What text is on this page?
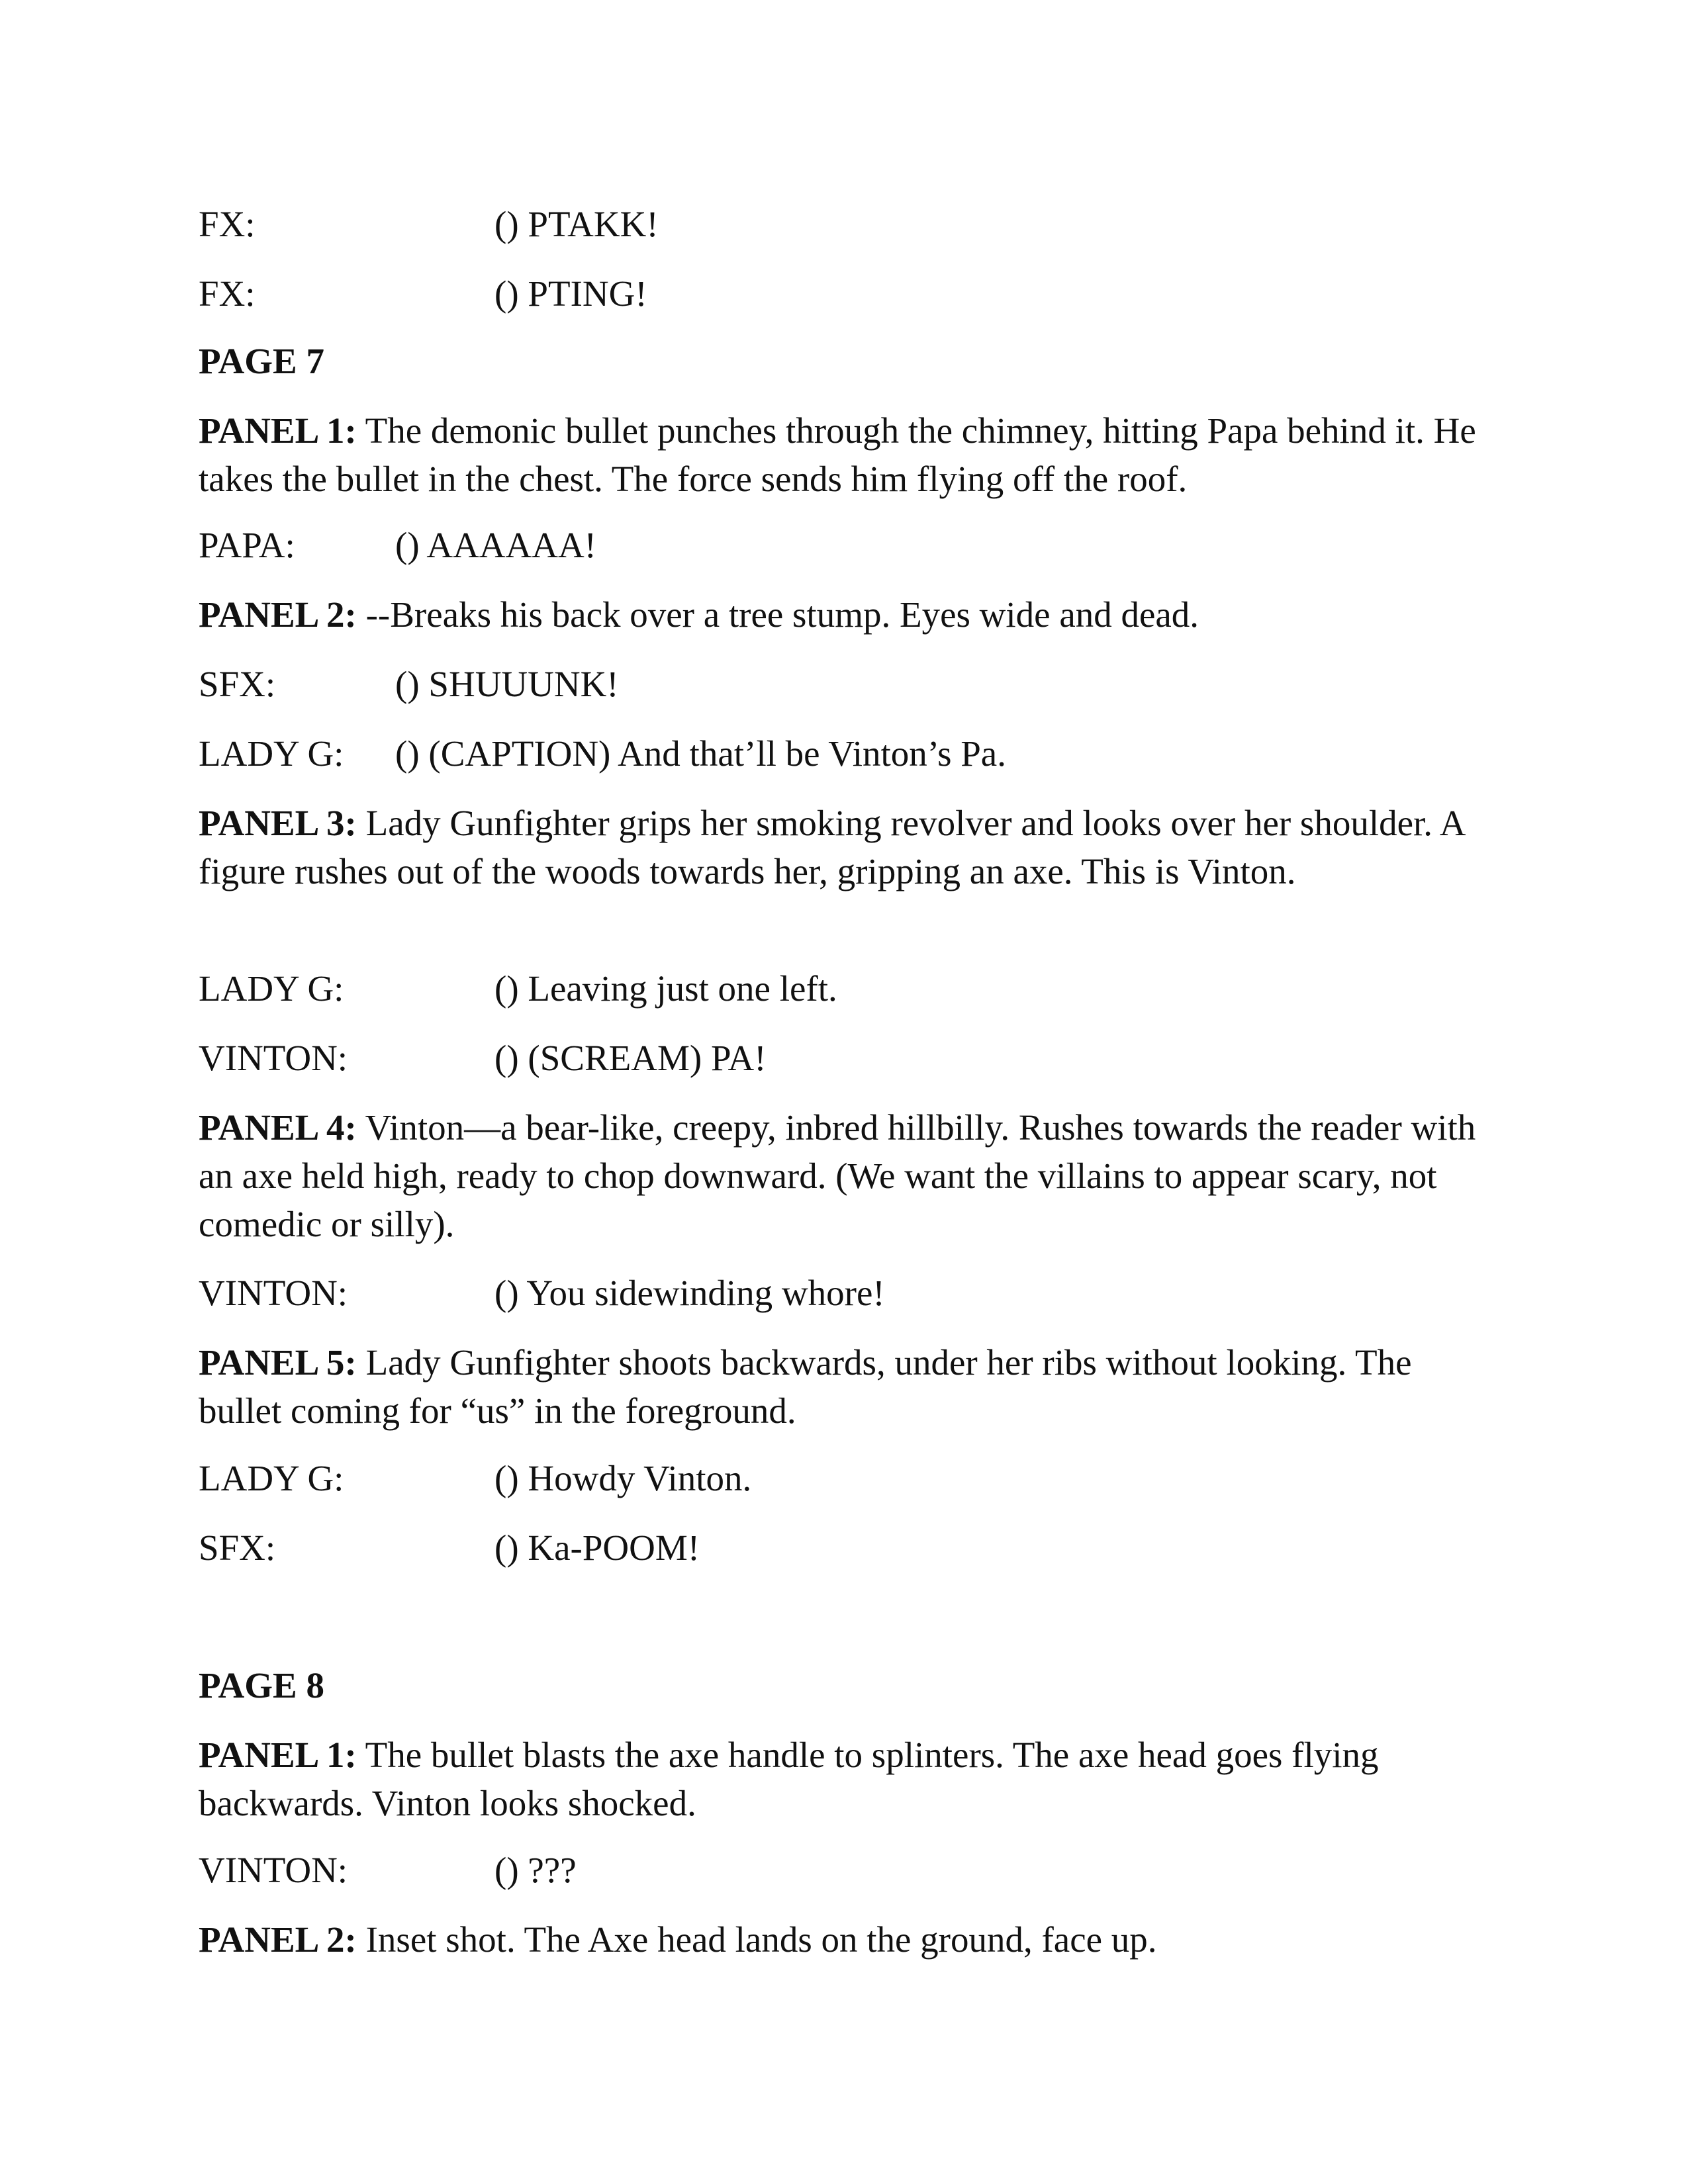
FX:	() PTAKK!
FX:	() PTING!
PAGE 7
PANEL 1: The demonic bullet punches through the chimney, hitting Papa behind it. He takes the bullet in the chest. The force sends him flying off the roof.
PAPA:	() AAAAAA!
PANEL 2: --Breaks his back over a tree stump. Eyes wide and dead.
SFX:	() SHUUUNK!
LADY G: () (CAPTION) And that’ll be Vinton’s Pa.
PANEL 3: Lady Gunfighter grips her smoking revolver and looks over her shoulder. A figure rushes out of the woods towards her, gripping an axe. This is Vinton.
LADY G:	() Leaving just one left.
VINTON:	() (SCREAM) PA!
PANEL 4: Vinton—a bear-like, creepy, inbred hillbilly. Rushes towards the reader with an axe held high, ready to chop downward. (We want the villains to appear scary, not comedic or silly).
VINTON:	() You sidewinding whore!
PANEL 5: Lady Gunfighter shoots backwards, under her ribs without looking. The bullet coming for “us” in the foreground.
LADY G:	() Howdy Vinton.
SFX:	() Ka-POOM!
PAGE 8
PANEL 1: The bullet blasts the axe handle to splinters. The axe head goes flying backwards. Vinton looks shocked.
VINTON:	() ???
PANEL 2: Inset shot. The Axe head lands on the ground, face up.
